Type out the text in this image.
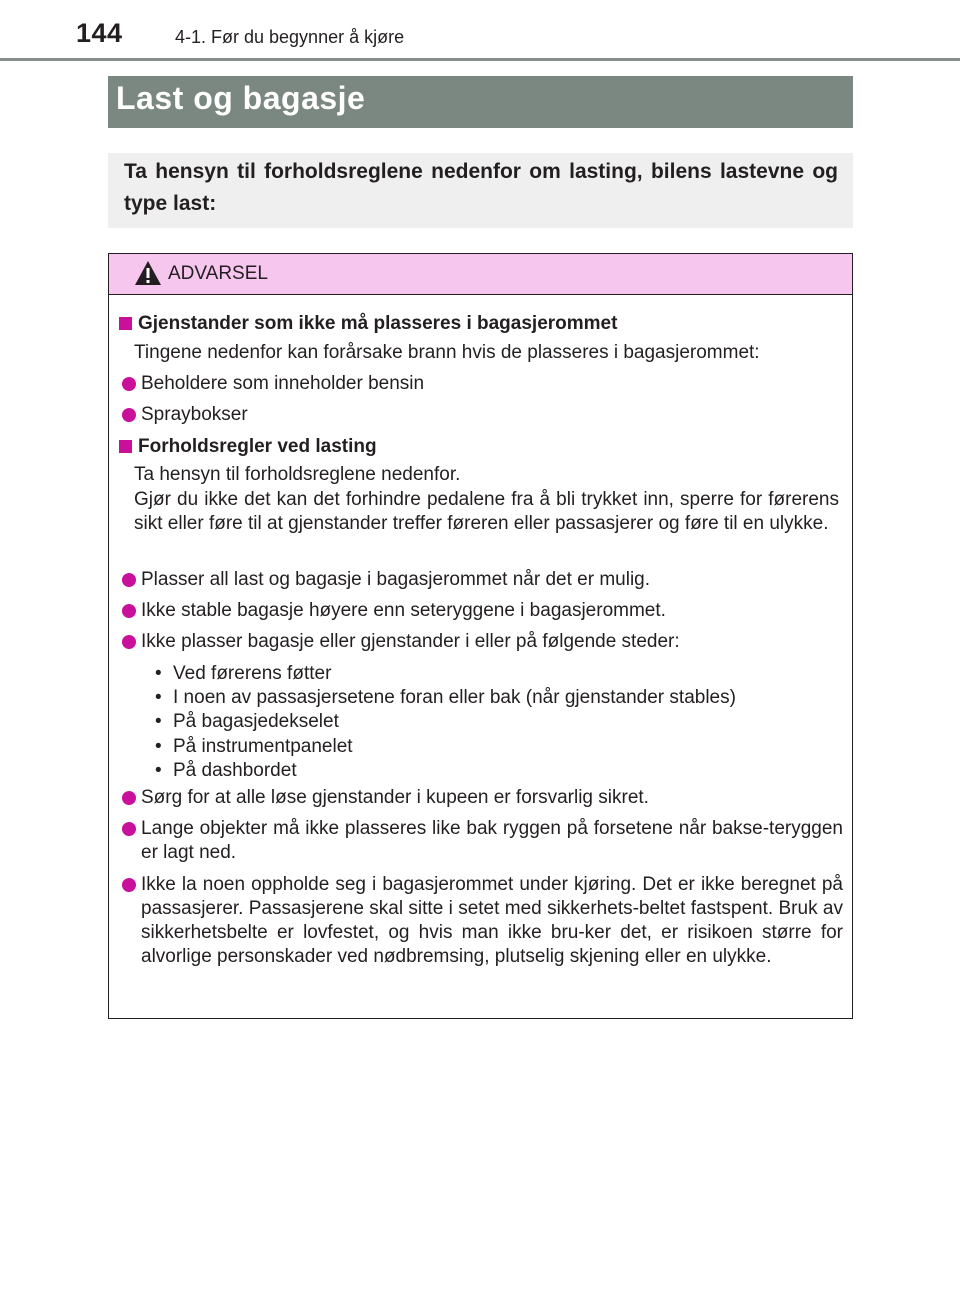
144	4-1. Før du begynner å kjøre
Last og bagasje
Ta hensyn til forholdsreglene nedenfor om lasting, bilens lastevne og type last:
ADVARSEL
Gjenstander som ikke må plasseres i bagasjerommet
Tingene nedenfor kan forårsake brann hvis de plasseres i bagasjerommet:
Beholdere som inneholder bensin
Spraybokser
Forholdsregler ved lasting
Ta hensyn til forholdsreglene nedenfor.
Gjør du ikke det kan det forhindre pedalene fra å bli trykket inn, sperre for førerens sikt eller føre til at gjenstander treffer føreren eller passasjerer og føre til en ulykke.
Plasser all last og bagasje i bagasjerommet når det er mulig.
Ikke stable bagasje høyere enn seteryggene i bagasjerommet.
Ikke plasser bagasje eller gjenstander i eller på følgende steder:
• Ved førerens føtter
• I noen av passasjersetene foran eller bak (når gjenstander stables)
• På bagasjedekselet
• På instrumentpanelet
• På dashbordet
Sørg for at alle løse gjenstander i kupeen er forsvarlig sikret.
Lange objekter må ikke plasseres like bak ryggen på forsetene når bakse-teryggen er lagt ned.
Ikke la noen oppholde seg i bagasjerommet under kjøring. Det er ikke beregnet på passasjerer. Passasjerene skal sitte i setet med sikkerhets-beltet fastspent. Bruk av sikkerhetsbelte er lovfestet, og hvis man ikke bru-ker det, er risikoen større for alvorlige personskader ved nødbremsing, plutselig skjening eller en ulykke.
